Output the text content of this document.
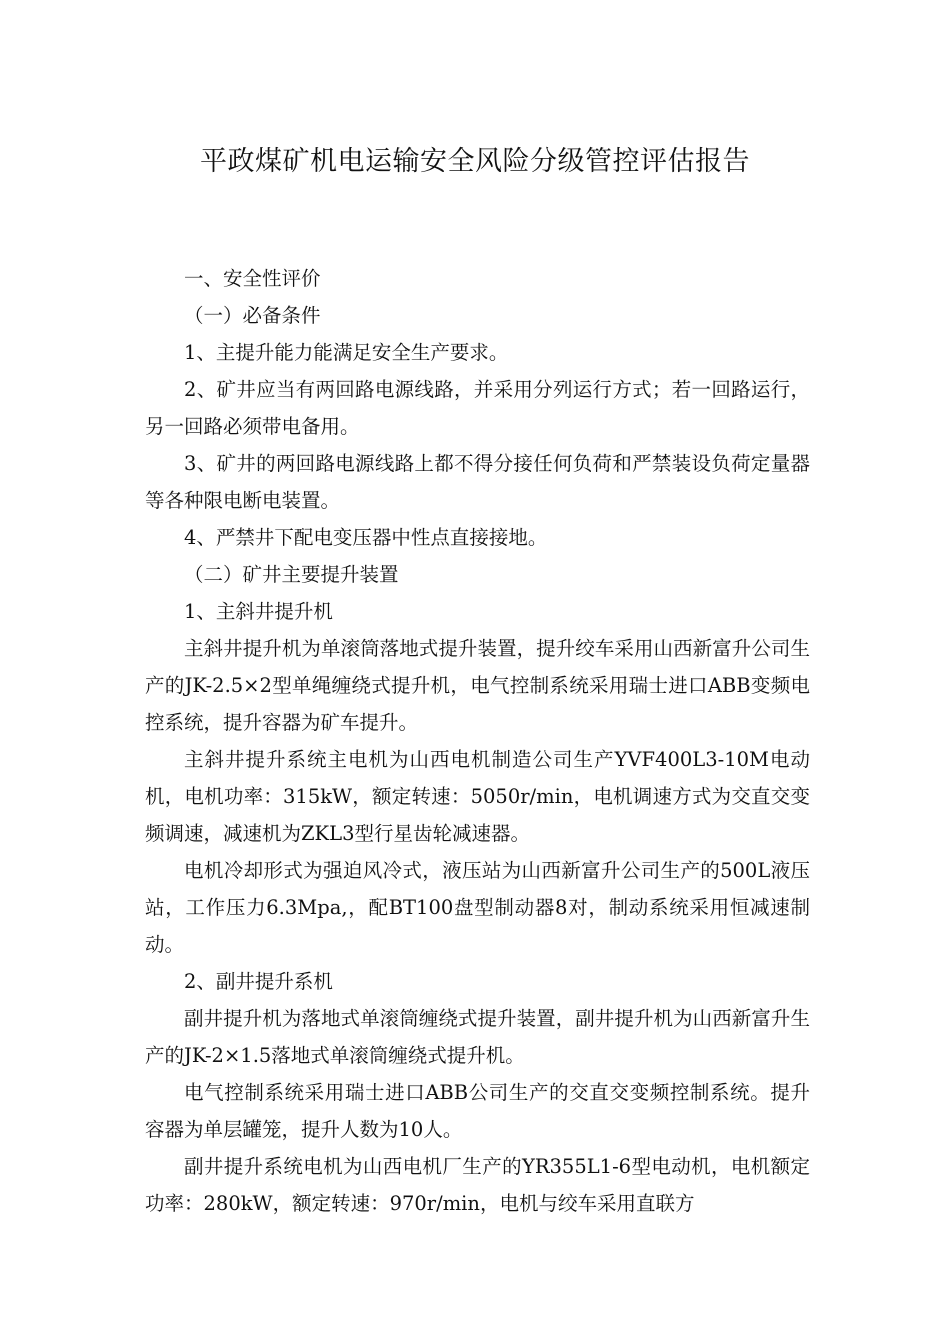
平政煤矿机电运输安全风险分级管控评估报告

一、安全性评价

（一）必备条件

1、主提升能力能满足安全生产要求。

2、矿井应当有两回路电源线路，并采用分列运行方式；若一回路运行，另一回路必须带电备用。

3、矿井的两回路电源线路上都不得分接任何负荷和严禁装设负荷定量器等各种限电断电装置。

4、严禁井下配电变压器中性点直接接地。

（二）矿井主要提升装置

1、主斜井提升机

主斜井提升机为单滚筒落地式提升装置，提升绞车采用山西新富升公司生产的JK-2.5×2型单绳缠绕式提升机，电气控制系统采用瑞士进口ABB变频电控系统，提升容器为矿车提升。

主斜井提升系统主电机为山西电机制造公司生产YVF400L3-10M电动机，电机功率：315kW，额定转速：5050r/min，电机调速方式为交直交变频调速，减速机为ZKL3型行星齿轮减速器。

电机冷却形式为强迫风冷式，液压站为山西新富升公司生产的500L液压站，工作压力6.3Mpa,，配BT100盘型制动器8对，制动系统采用恒减速制动。

2、副井提升系机

副井提升机为落地式单滚筒缠绕式提升装置，副井提升机为山西新富升生产的JK-2×1.5落地式单滚筒缠绕式提升机。

电气控制系统采用瑞士进口ABB公司生产的交直交变频控制系统。提升容器为单层罐笼，提升人数为10人。

副井提升系统电机为山西电机厂生产的YR355L1-6型电动机，电机额定功率：280kW，额定转速：970r/min，电机与绞车采用直联方
